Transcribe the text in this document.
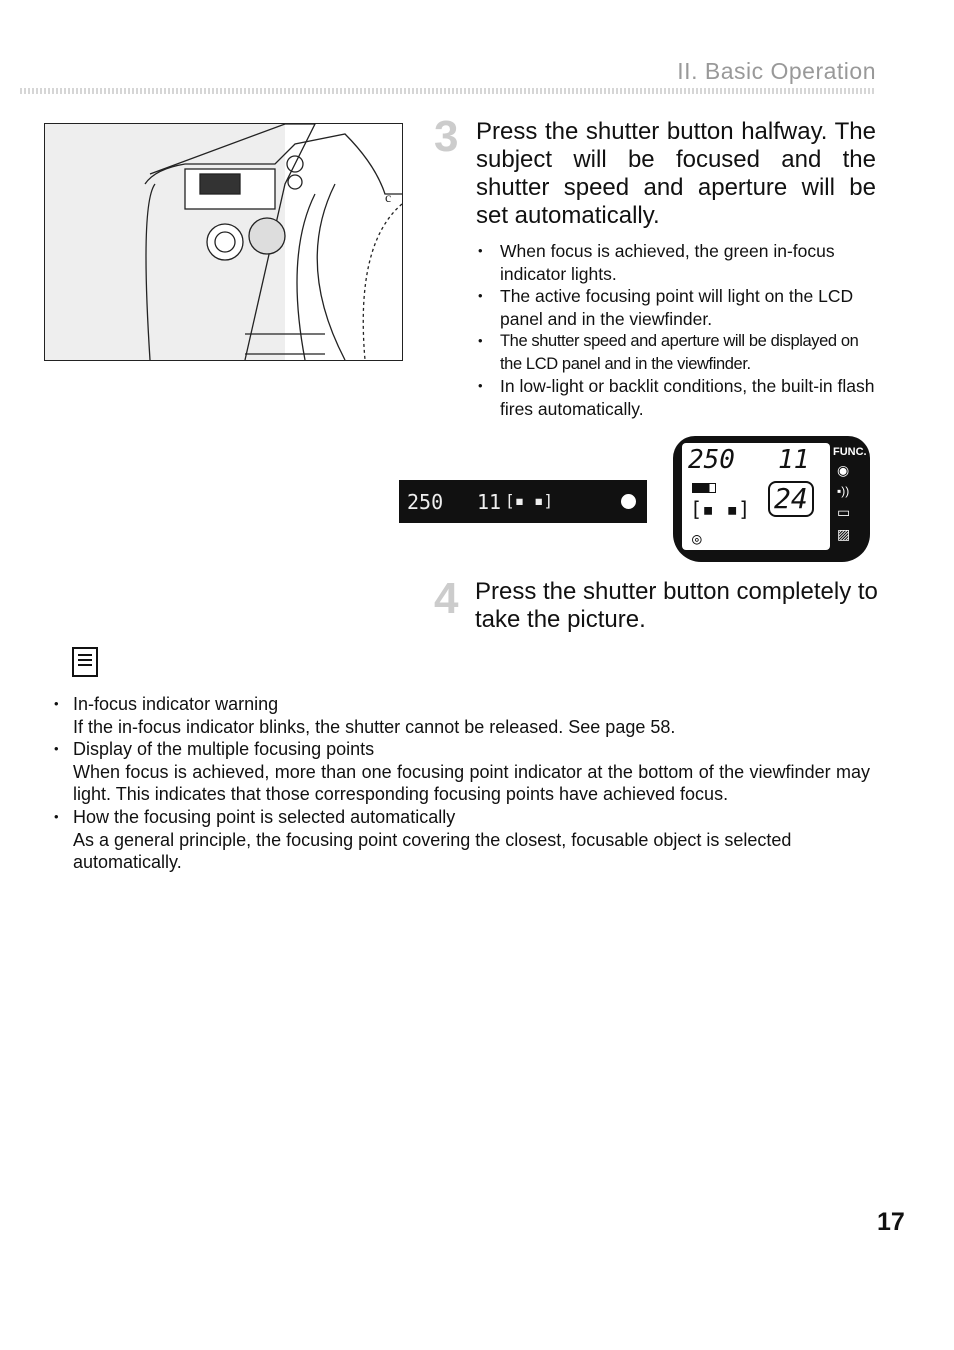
II. Basic Operation
c
3 Press the shutter button halfway. The subject will be focused and the shutter speed and aperture will be set automatically.
• When focus is achieved, the green in-focus indicator lights.
• The active focusing point will light on the LCD panel and in the viewfinder.
• The shutter speed and aperture will be displayed on the LCD panel and in the viewfinder.
• In low-light or backlit conditions, the built-in flash fires automatically.
250 11 [▪ ▪]
250 11
[▪ ▪] 24
◎
FUNC.
◉
▪))
▭
▨
4 Press the shutter button completely to take the picture.
• In-focus indicator warning
If the in-focus indicator blinks, the shutter cannot be released. See page 58.
• Display of the multiple focusing points
When focus is achieved, more than one focusing point indicator at the bottom of the viewfinder may light. This indicates that those corresponding focusing points have achieved focus.
• How the focusing point is selected automatically
As a general principle, the focusing point covering the closest, focusable object is selected automatically.
17
